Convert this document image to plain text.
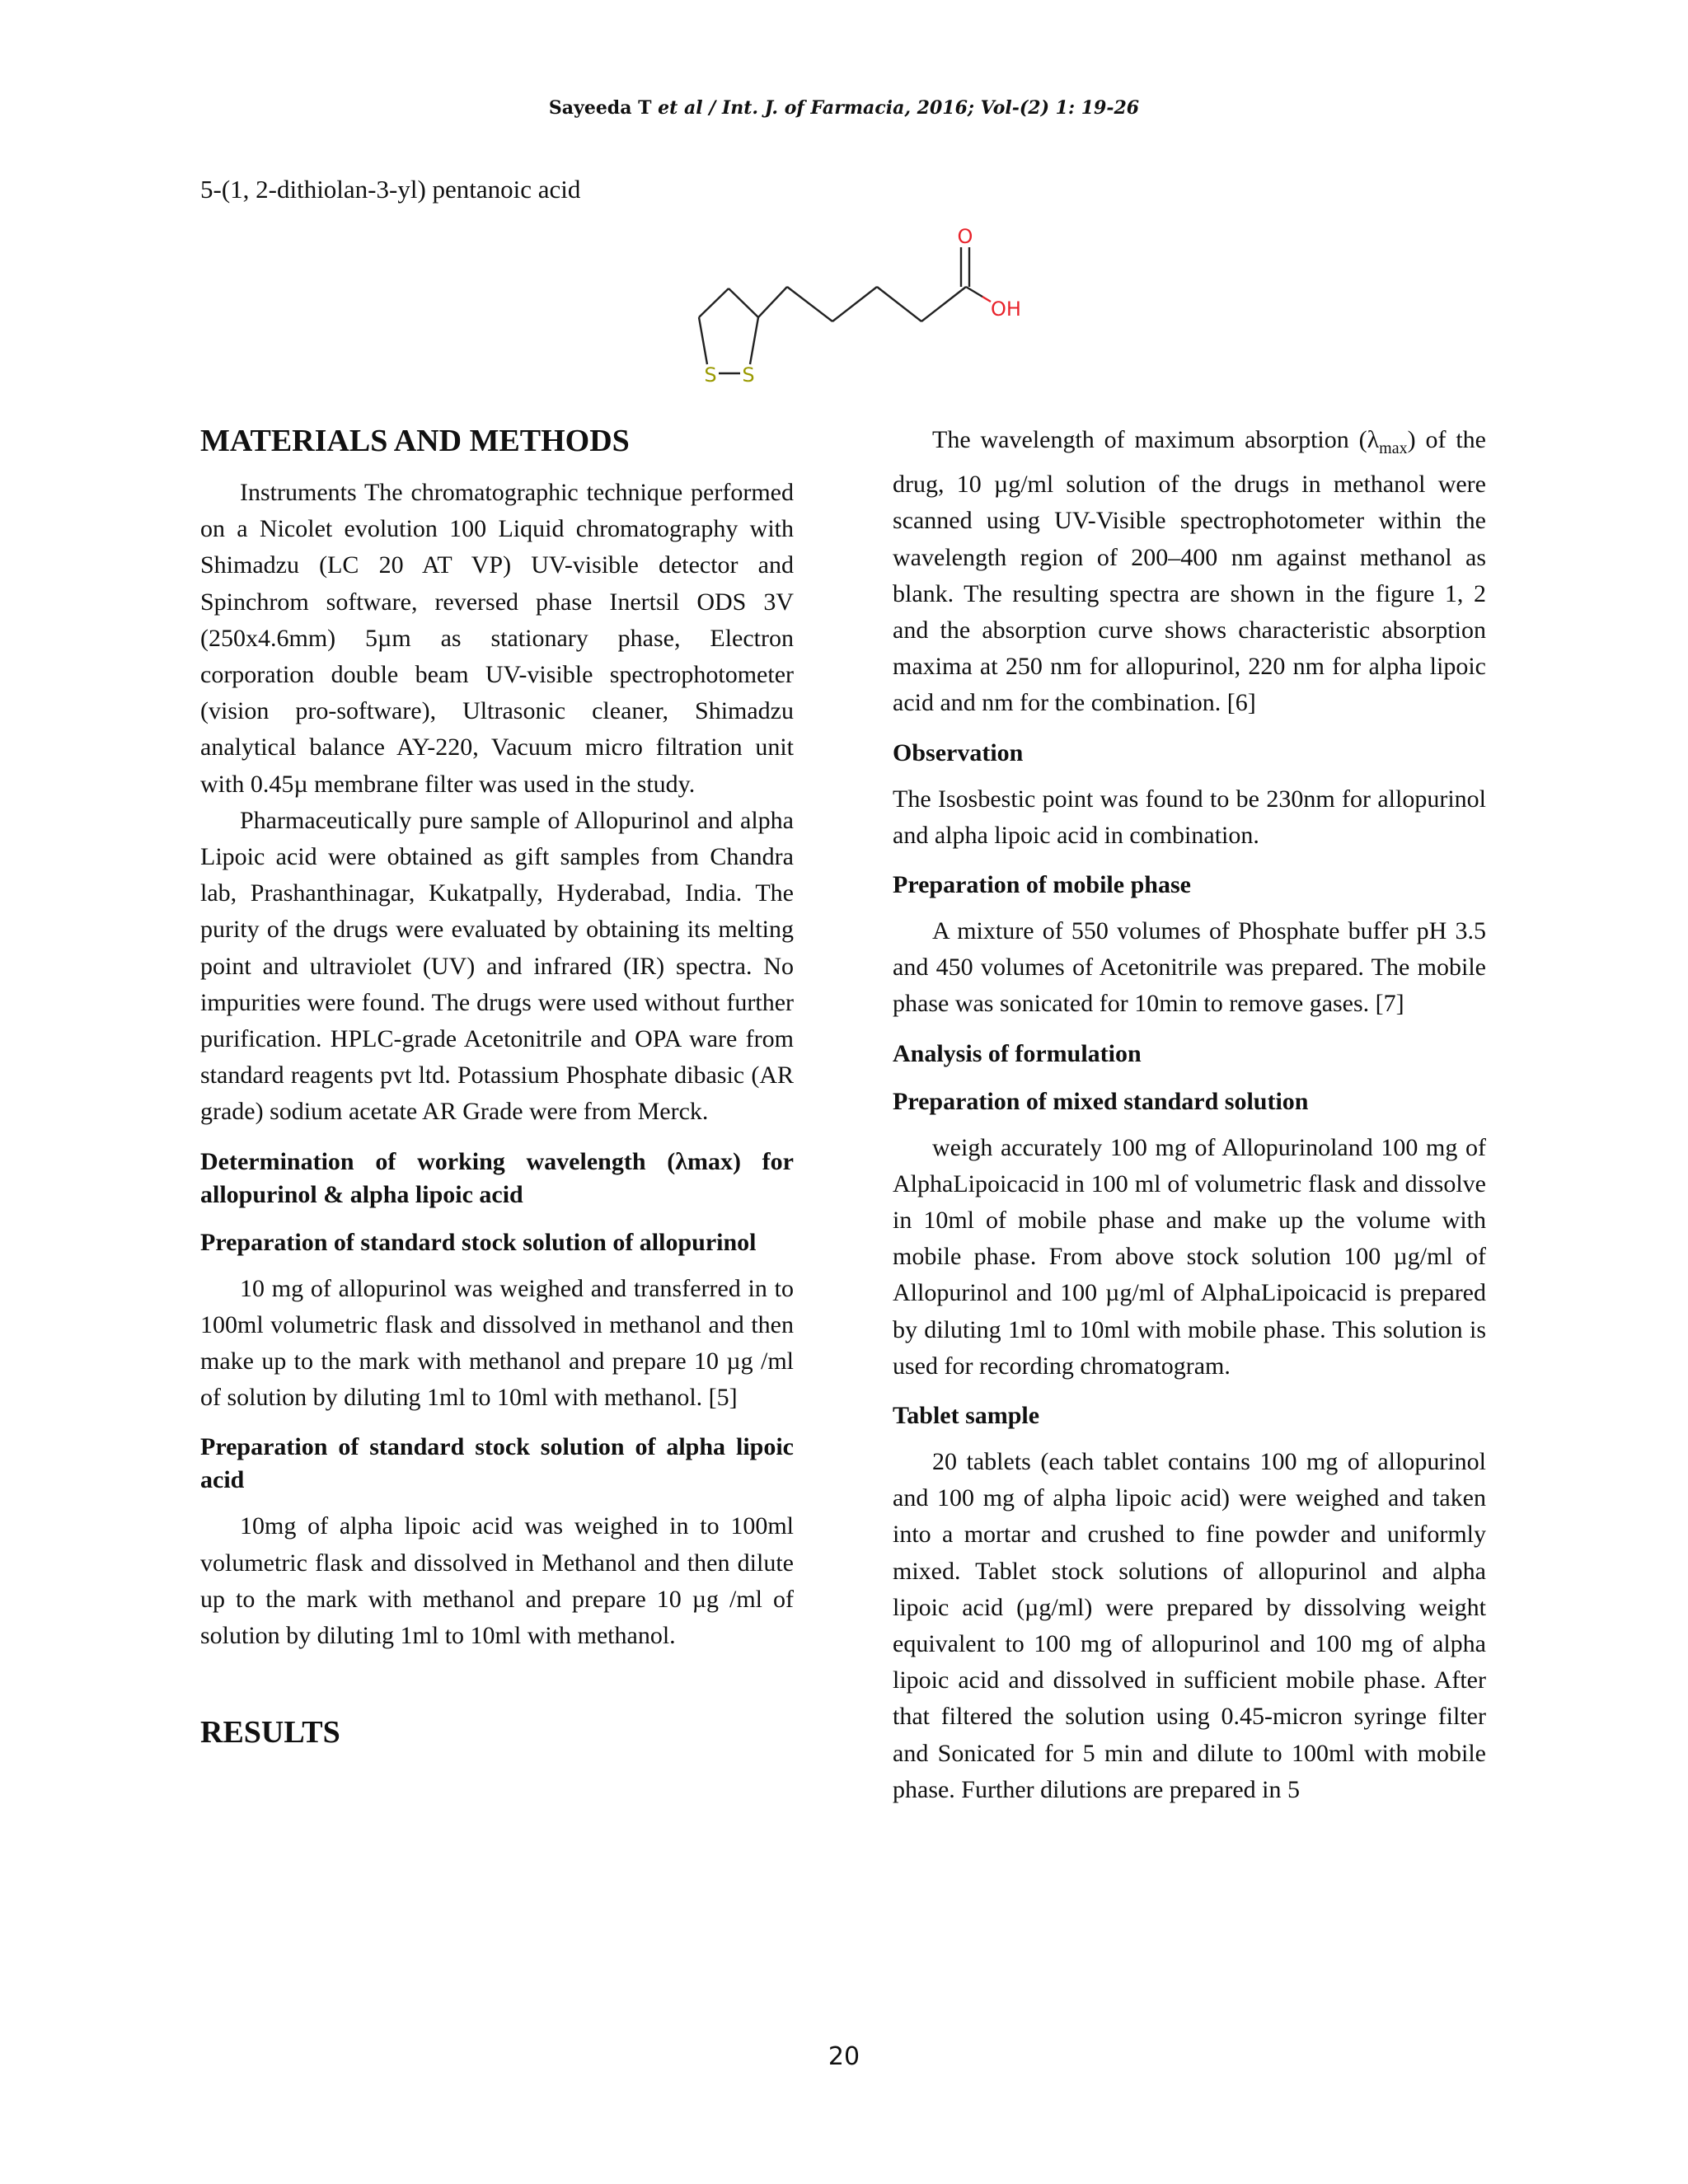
Sayeeda T et al / Int. J. of Farmacia, 2016; Vol-(2) 1: 19-26
5-(1, 2-dithiolan-3-yl) pentanoic acid
O
OH
S S
MATERIALS AND METHODS

Instruments The chromatographic technique performed on a Nicolet evolution 100 Liquid chromatography with Shimadzu (LC 20 AT VP) UV-visible detector and Spinchrom software, reversed phase Inertsil ODS 3V (250x4.6mm) 5µm as stationary phase, Electron corporation double beam UV-visible spectrophotometer (vision pro-software), Ultrasonic cleaner, Shimadzu analytical balance AY-220, Vacuum micro filtration unit with 0.45µ membrane filter was used in the study.

Pharmaceutically pure sample of Allopurinol and alpha Lipoic acid were obtained as gift samples from Chandra lab, Prashanthinagar, Kukatpally, Hyderabad, India. The purity of the drugs were evaluated by obtaining its melting point and ultraviolet (UV) and infrared (IR) spectra. No impurities were found. The drugs were used without further purification. HPLC-grade Acetonitrile and OPA ware from standard reagents pvt ltd. Potassium Phosphate dibasic (AR grade) sodium acetate AR Grade were from Merck.

Determination of working wavelength (λmax) for allopurinol & alpha lipoic acid
Preparation of standard stock solution of allopurinol

10 mg of allopurinol was weighed and transferred in to 100ml volumetric flask and dissolved in methanol and then make up to the mark with methanol and prepare 10 µg /ml of solution by diluting 1ml to 10ml with methanol. [5]

Preparation of standard stock solution of alpha lipoic acid

10mg of alpha lipoic acid was weighed in to 100ml volumetric flask and dissolved in Methanol and then dilute up to the mark with methanol and prepare 10 µg /ml of solution by diluting 1ml to 10ml with methanol.

RESULTS

The wavelength of maximum absorption $(\lambda_{max})$ of the drug, 10 µg/ml solution of the drugs in methanol were scanned using UV-Visible spectrophotometer within the wavelength region of 200–400 nm against methanol as blank. The resulting spectra are shown in the figure 1, 2 and the absorption curve shows characteristic absorption maxima at 250 nm for allopurinol, 220 nm for alpha lipoic acid and nm for the combination. [6]

Observation

The Isosbestic point was found to be 230nm for allopurinol and alpha lipoic acid in combination.

Preparation of mobile phase

A mixture of 550 volumes of Phosphate buffer pH 3.5 and 450 volumes of Acetonitrile was prepared. The mobile phase was sonicated for 10min to remove gases. [7]

Analysis of formulation
Preparation of mixed standard solution

weigh accurately 100 mg of Allopurinoland 100 mg of AlphaLipoicacid in 100 ml of volumetric flask and dissolve in 10ml of mobile phase and make up the volume with mobile phase. From above stock solution 100 µg/ml of Allopurinol and 100 µg/ml of AlphaLipoicacid is prepared by diluting 1ml to 10ml with mobile phase. This solution is used for recording chromatogram.

Tablet sample

20 tablets (each tablet contains 100 mg of allopurinol and 100 mg of alpha lipoic acid) were weighed and taken into a mortar and crushed to fine powder and uniformly mixed. Tablet stock solutions of allopurinol and alpha lipoic acid (µg/ml) were prepared by dissolving weight equivalent to 100 mg of allopurinol and 100 mg of alpha lipoic acid and dissolved in sufficient mobile phase. After that filtered the solution using 0.45-micron syringe filter and Sonicated for 5 min and dilute to 100ml with mobile phase. Further dilutions are prepared in 5

20
